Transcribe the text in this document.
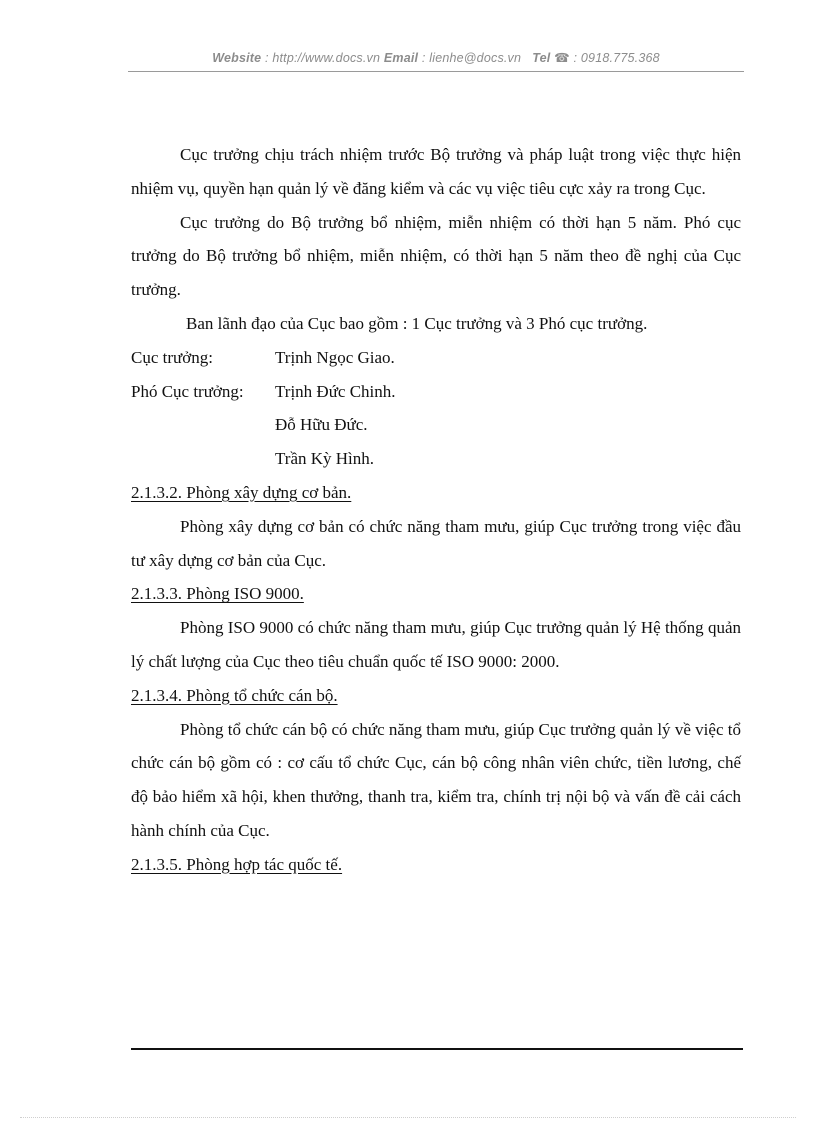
Website : http://www.docs.vn Email : lienhe@docs.vn Tel ☎ : 0918.775.368

Cục trưởng chịu trách nhiệm trước Bộ trưởng và pháp luật trong việc thực hiện nhiệm vụ, quyền hạn quản lý về đăng kiểm và các vụ việc tiêu cực xảy ra trong Cục.

Cục trưởng do Bộ trưởng bổ nhiệm, miễn nhiệm có thời hạn 5 năm. Phó cục trưởng do Bộ trưởng bổ nhiệm, miễn nhiệm, có thời hạn 5 năm theo đề nghị của Cục trưởng.

Ban lãnh đạo của Cục bao gồm : 1 Cục trưởng và 3 Phó cục trưởng.

Cục trưởng:	Trịnh Ngọc Giao.
Phó Cục trưởng:	Trịnh Đức Chinh.
Đỗ Hữu Đức.
Trần Kỳ Hình.

2.1.3.2. Phòng xây dựng cơ bản.

Phòng xây dựng cơ bản có chức năng tham mưu, giúp Cục trưởng trong việc đầu tư xây dựng cơ bản của Cục.

2.1.3.3. Phòng ISO 9000.

Phòng ISO 9000 có chức năng tham mưu, giúp Cục trưởng quản lý Hệ thống quản lý chất lượng của Cục theo tiêu chuẩn quốc tế ISO 9000: 2000.

2.1.3.4. Phòng tổ chức cán bộ.

Phòng tổ chức cán bộ có chức năng tham mưu, giúp Cục trưởng quản lý về việc tổ chức cán bộ gồm có : cơ cấu tổ chức Cục, cán bộ công nhân viên chức, tiền lương, chế độ bảo hiểm xã hội, khen thưởng, thanh tra, kiểm tra, chính trị nội bộ và vấn đề cải cách hành chính của Cục.

2.1.3.5. Phòng hợp tác quốc tế.
